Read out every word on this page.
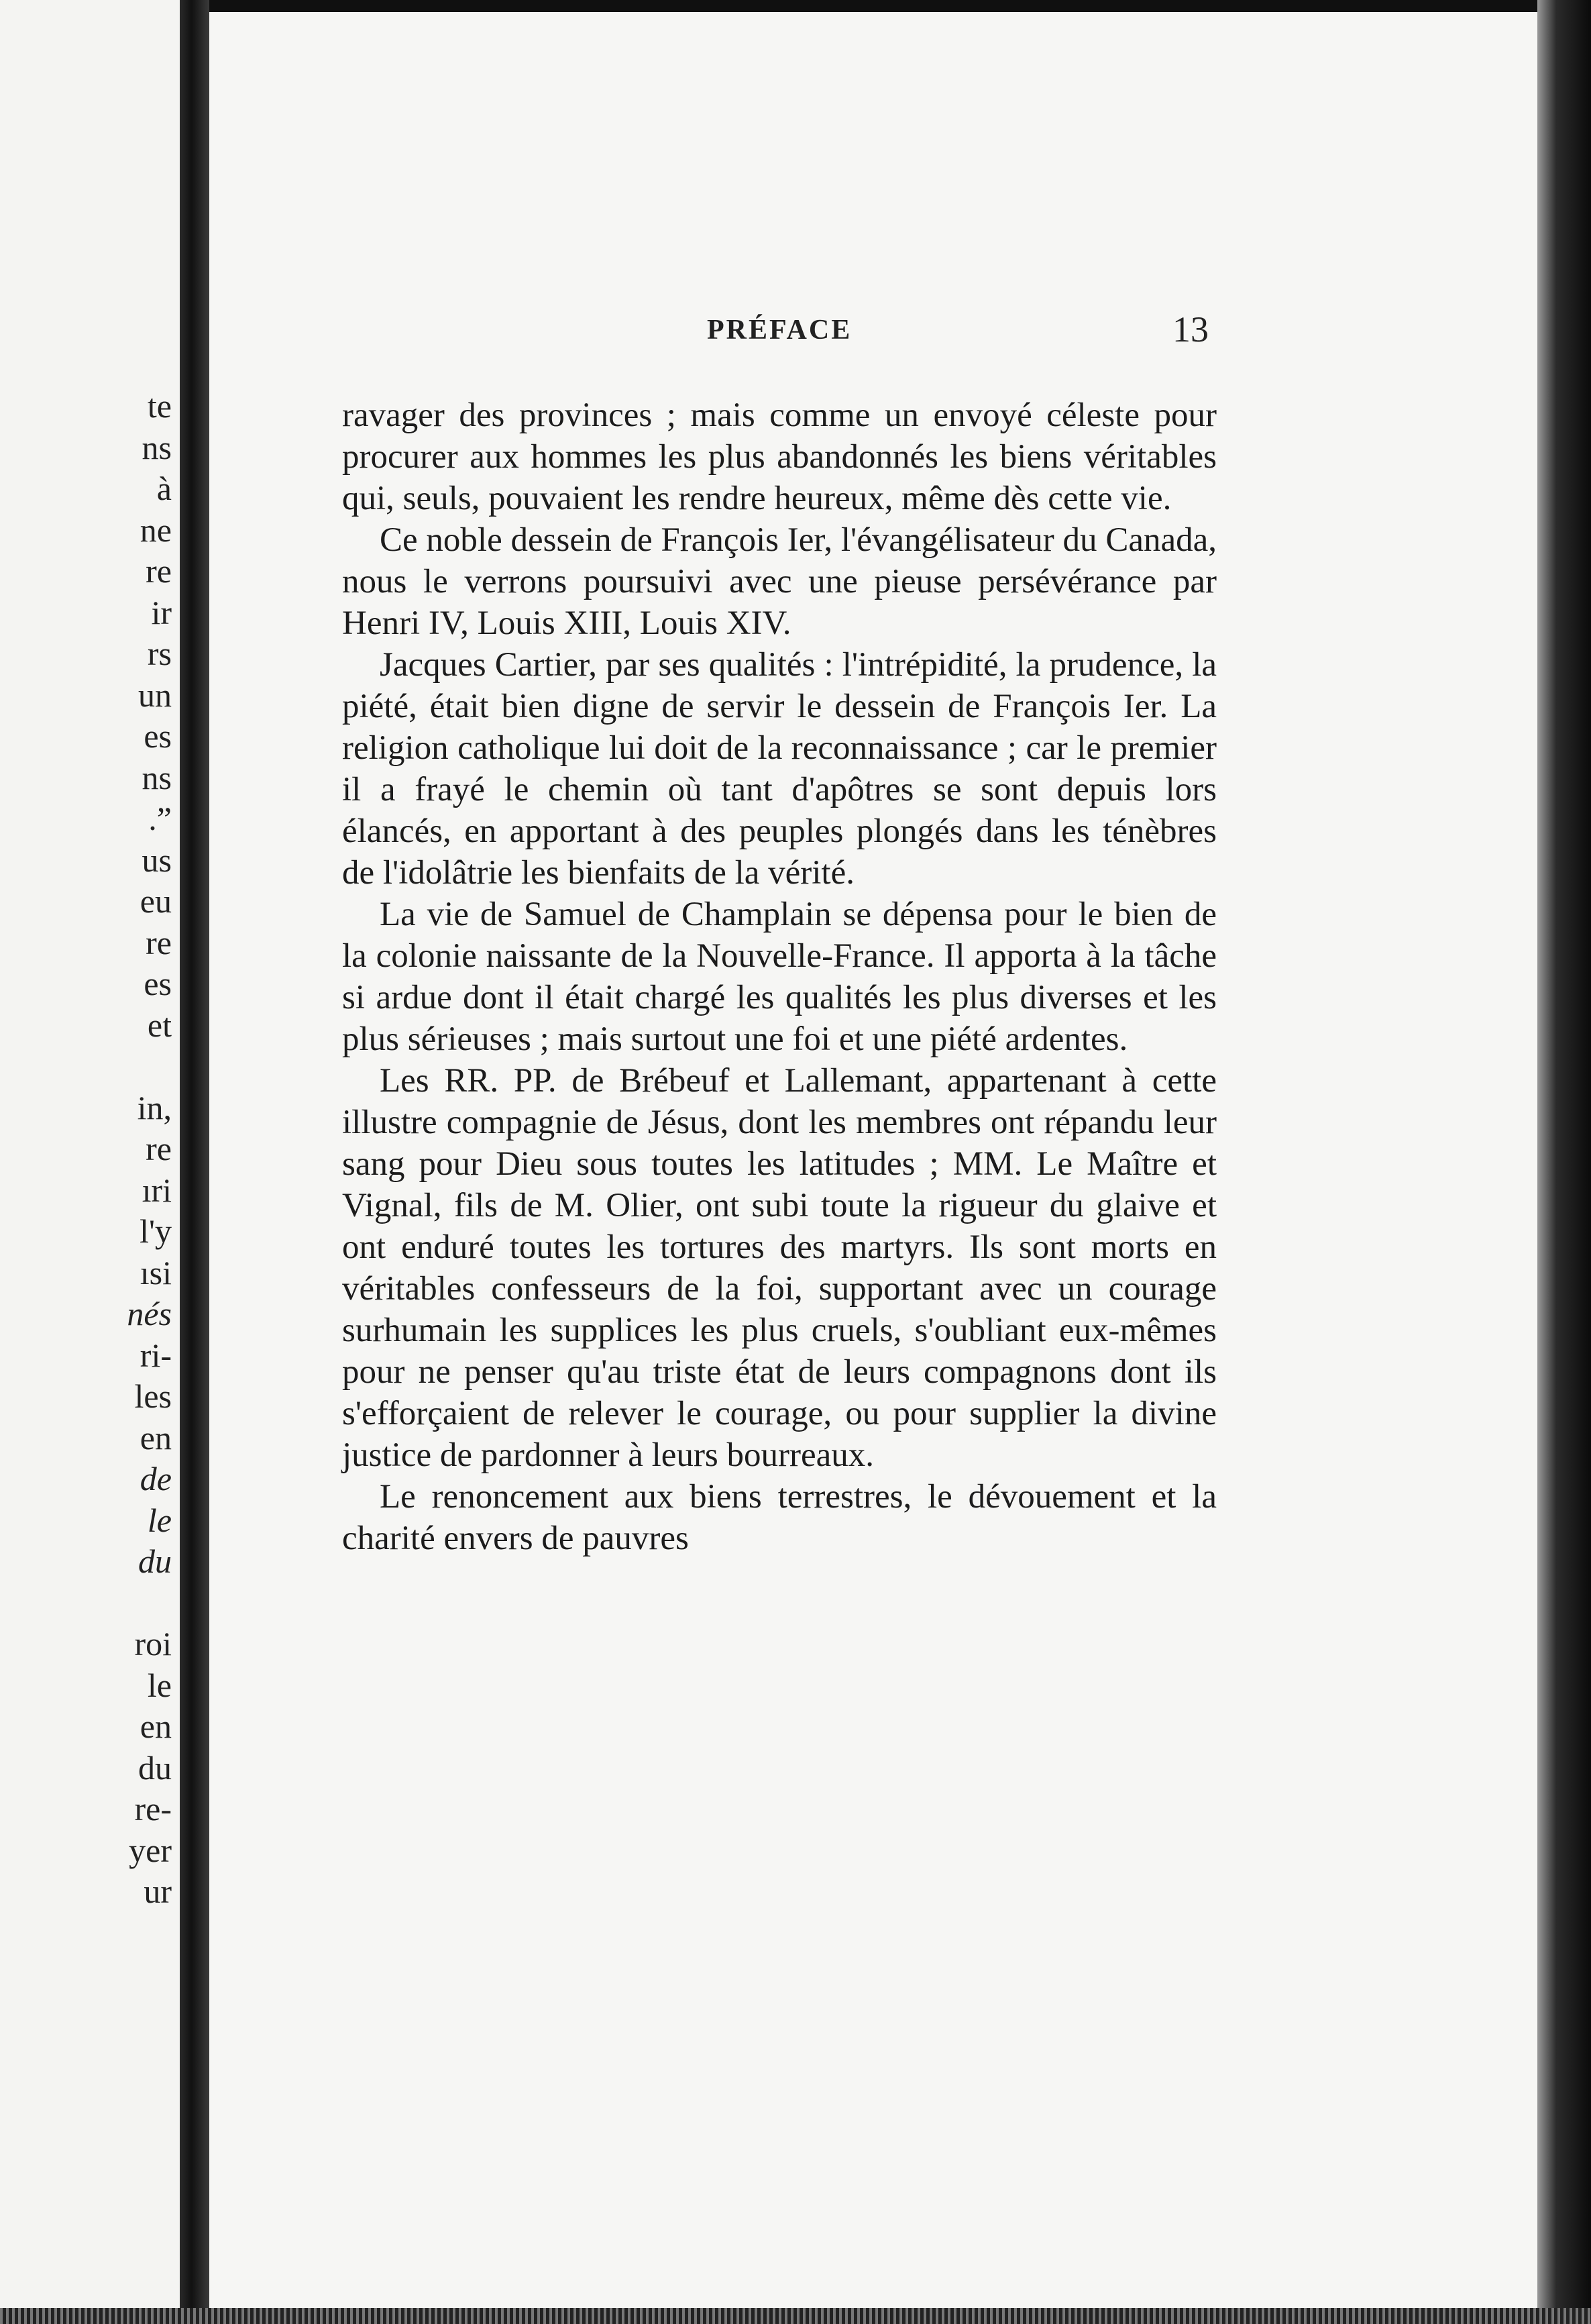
te
ns
à
ne
re
ir
rs
un
es
ns
.”
us
eu
re
es
et
in,
re
ıri
l'y
ısi
nés
ri-
les
en
de
le
du
roi
le
en
du
re-
yer
ur
PRÉFACE	13

ravager des provinces ; mais comme un envoyé céleste pour procurer aux hommes les plus abandonnés les biens véritables qui, seuls, pouvaient les rendre heureux, même dès cette vie.

Ce noble dessein de François Ier, l'évangélisateur du Canada, nous le verrons poursuivi avec une pieuse persévérance par Henri IV, Louis XIII, Louis XIV.

Jacques Cartier, par ses qualités : l'intrépidité, la prudence, la piété, était bien digne de servir le dessein de François Ier. La religion catholique lui doit de la reconnaissance ; car le premier il a frayé le chemin où tant d'apôtres se sont depuis lors élancés, en apportant à des peuples plongés dans les ténèbres de l'idolâtrie les bienfaits de la vérité.

La vie de Samuel de Champlain se dépensa pour le bien de la colonie naissante de la Nouvelle-France. Il apporta à la tâche si ardue dont il était chargé les qualités les plus diverses et les plus sérieuses ; mais surtout une foi et une piété ardentes.

Les RR. PP. de Brébeuf et Lallemant, appartenant à cette illustre compagnie de Jésus, dont les membres ont répandu leur sang pour Dieu sous toutes les latitudes ; MM. Le Maître et Vignal, fils de M. Olier, ont subi toute la rigueur du glaive et ont enduré toutes les tortures des martyrs. Ils sont morts en véritables confesseurs de la foi, supportant avec un courage surhumain les supplices les plus cruels, s'oubliant eux-mêmes pour ne penser qu'au triste état de leurs compagnons dont ils s'efforçaient de relever le courage, ou pour supplier la divine justice de pardonner à leurs bourreaux.

Le renoncement aux biens terrestres, le dévouement et la charité envers de pauvres
